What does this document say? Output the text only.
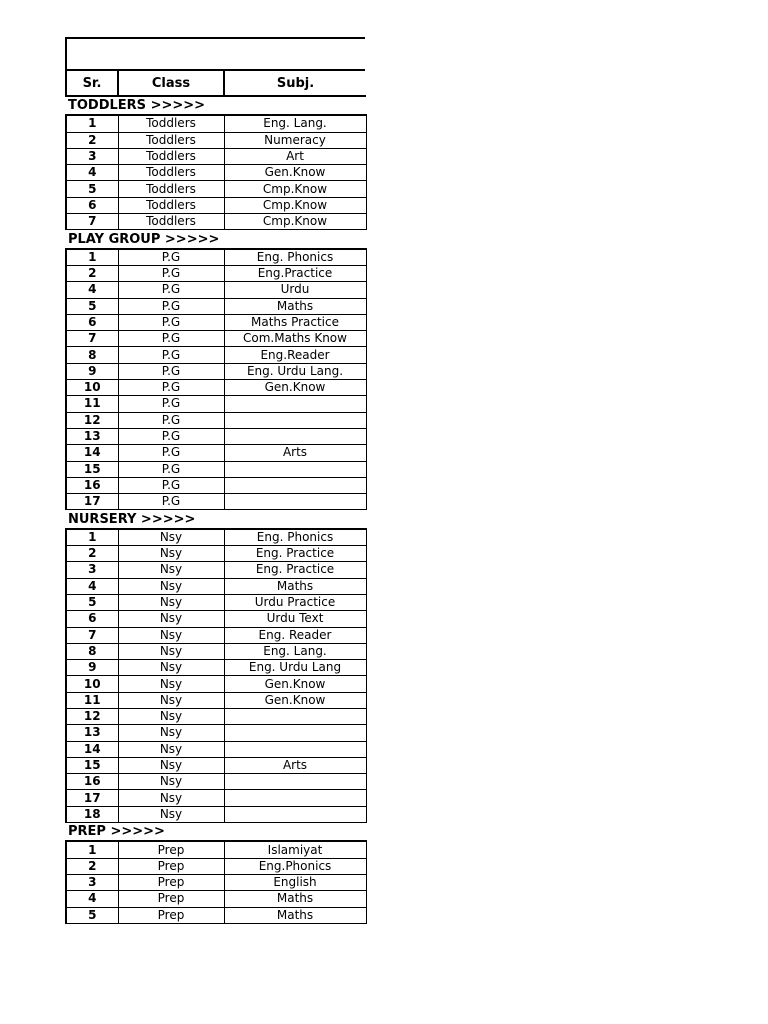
Sr.	Class	Subj.
TODDLERS >>>>>		
1	Toddlers	Eng. Lang.
2	Toddlers	Numeracy
3	Toddlers	Art
4	Toddlers	Gen.Know
5	Toddlers	Cmp.Know
6	Toddlers	Cmp.Know
7	Toddlers	Cmp.Know
PLAY GROUP >>>>>		
1	P.G	Eng. Phonics
2	P.G	Eng.Practice
4	P.G	Urdu
5	P.G	Maths
6	P.G	Maths Practice
7	P.G	Com.Maths Know
8	P.G	Eng.Reader
9	P.G	Eng. Urdu Lang.
10	P.G	Gen.Know
11	P.G	
12	P.G	
13	P.G	
14	P.G	Arts
15	P.G	
16	P.G	
17	P.G	
NURSERY >>>>>		
1	Nsy	Eng. Phonics
2	Nsy	Eng. Practice
3	Nsy	Eng. Practice
4	Nsy	Maths
5	Nsy	Urdu Practice
6	Nsy	Urdu Text
7	Nsy	Eng. Reader
8	Nsy	Eng. Lang.
9	Nsy	Eng. Urdu Lang
10	Nsy	Gen.Know
11	Nsy	Gen.Know
12	Nsy	
13	Nsy	
14	Nsy	
15	Nsy	Arts
16	Nsy	
17	Nsy	
18	Nsy	
PREP >>>>>		
1	Prep	Islamiyat
2	Prep	Eng.Phonics
3	Prep	English
4	Prep	Maths
5	Prep	Maths
